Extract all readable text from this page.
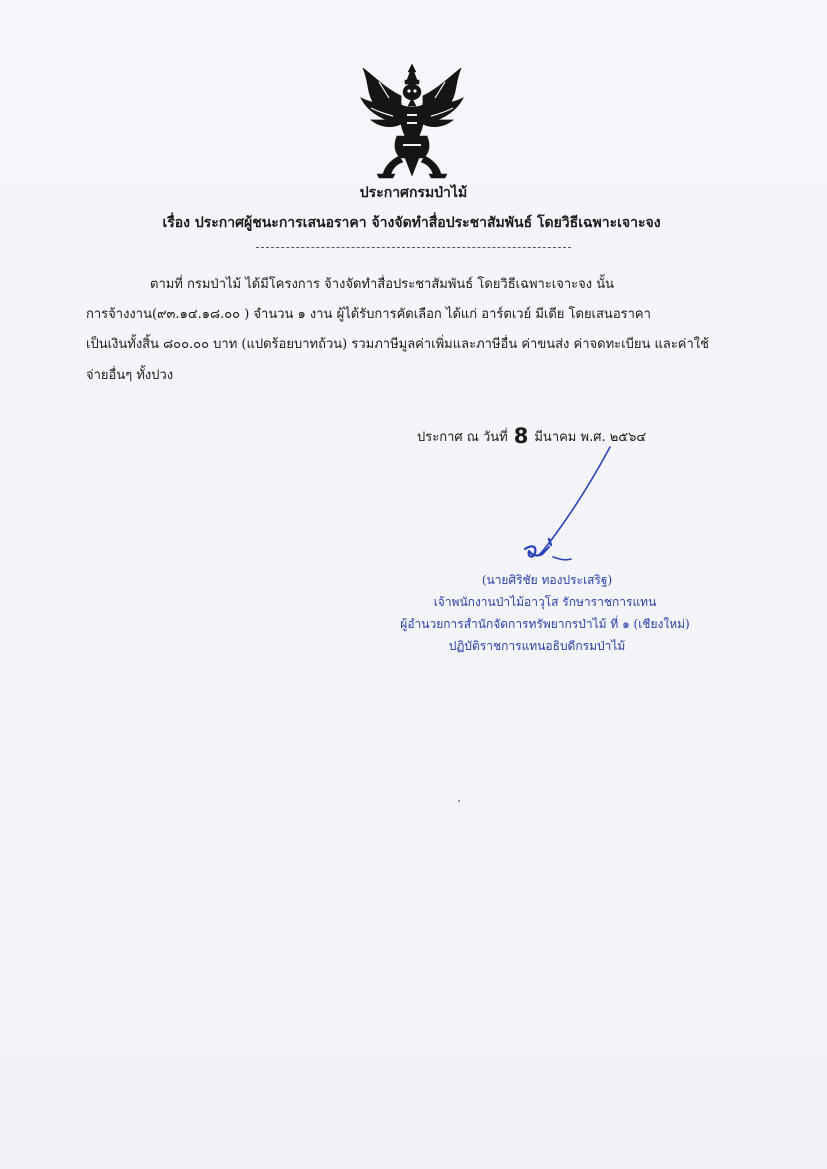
ประกาศกรมป่าไม้
เรื่อง ประกาศผู้ชนะการเสนอราคา จ้างจัดทำสื่อประชาสัมพันธ์ โดยวิธีเฉพาะเจาะจง
ตามที่ กรมป่าไม้ ได้มีโครงการ จ้างจัดทำสื่อประชาสัมพันธ์ โดยวิธีเฉพาะเจาะจง นั้น
การจ้างงาน(๙๓.๑๔.๑๘.๐๐ ) จำนวน ๑ งาน ผู้ได้รับการคัดเลือก ได้แก่ อาร์ตเวย์ มีเดีย โดยเสนอราคา
เป็นเงินทั้งสิ้น ๘๐๐.๐๐ บาท (แปดร้อยบาทถ้วน) รวมภาษีมูลค่าเพิ่มและภาษีอื่น ค่าขนส่ง ค่าจดทะเบียน และค่าใช้
จ่ายอื่นๆ ทั้งปวง
ประกาศ ณ วันที่ 8 มีนาคม พ.ศ. ๒๕๖๔
(นายศิริชัย ทองประเสริฐ)
เจ้าพนักงานป่าไม้อาวุโส รักษาราชการแทน
ผู้อำนวยการสำนักจัดการทรัพยากรป่าไม้ ที่ ๑ (เชียงใหม่)
ปฏิบัติราชการแทนอธิบดีกรมป่าไม้
